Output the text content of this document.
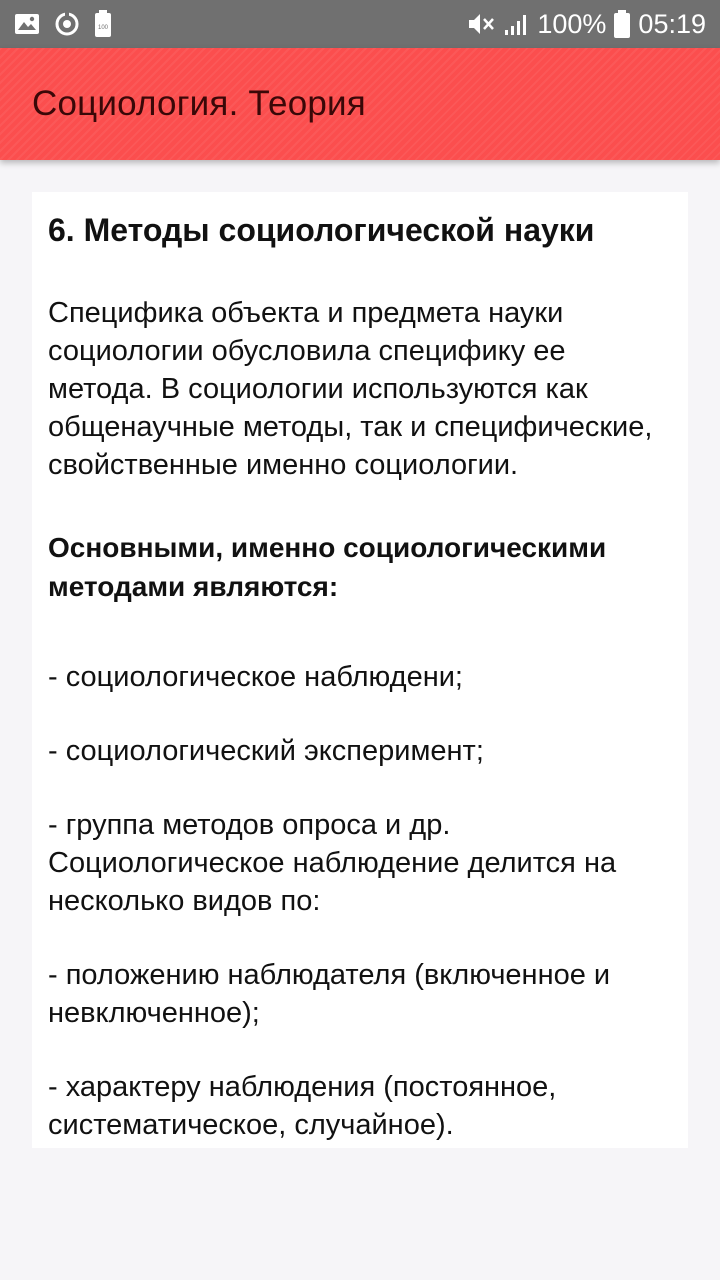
100	100% 05:19
Социология. Теория
6. Методы социологической науки

Специфика объекта и предмета науки социологии обусловила специфику ее метода. В социологии используются как общенаучные методы, так и специфические, свойственные именно социологии.

Основными, именно социологическими методами являются:

- социологическое наблюдени;

- социологический эксперимент;

- группа методов опроса и др. Социологическое наблюдение делится на несколько видов по:

- положению наблюдателя (включенное и невключенное);

- характеру наблюдения (постоянное, систематическое, случайное).
